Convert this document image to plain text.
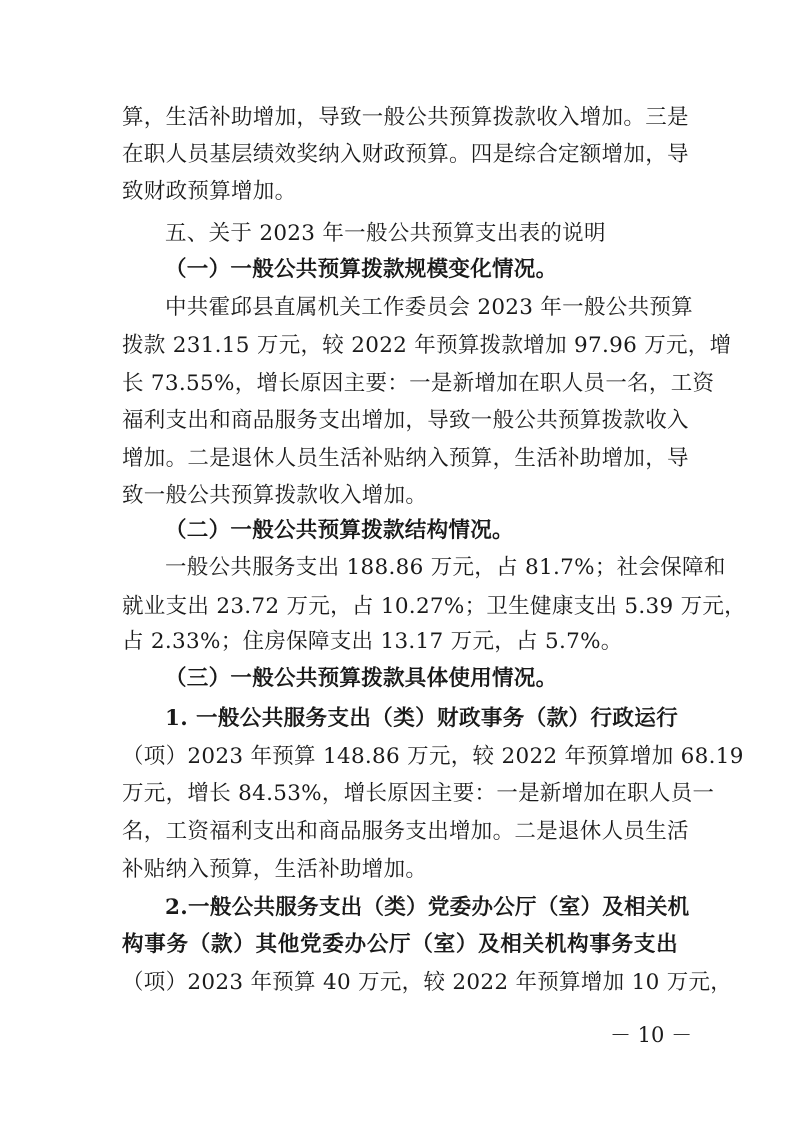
算，生活补助增加，导致一般公共预算拨款收入增加。三是
在职人员基层绩效奖纳入财政预算。四是综合定额增加，导
致财政预算增加。
五、关于 2023 年一般公共预算支出表的说明
（一）一般公共预算拨款规模变化情况。
中共霍邱县直属机关工作委员会 2023 年一般公共预算
拨款 231.15 万元，较 2022 年预算拨款增加 97.96 万元，增
长 73.55%，增长原因主要：一是新增加在职人员一名，工资
福利支出和商品服务支出增加，导致一般公共预算拨款收入
增加。二是退休人员生活补贴纳入预算，生活补助增加，导
致一般公共预算拨款收入增加。
（二）一般公共预算拨款结构情况。
一般公共服务支出 188.86 万元，占 81.7%；社会保障和
就业支出 23.72 万元，占 10.27%；卫生健康支出 5.39 万元，
占 2.33%；住房保障支出 13.17 万元，占 5.7%。
（三）一般公共预算拨款具体使用情况。
1. 一般公共服务支出（类）财政事务（款）行政运行
（项）2023 年预算 148.86 万元，较 2022 年预算增加 68.19
万元，增长 84.53%，增长原因主要：一是新增加在职人员一
名，工资福利支出和商品服务支出增加。二是退休人员生活
补贴纳入预算，生活补助增加。
2.一般公共服务支出（类）党委办公厅（室）及相关机
构事务（款）其他党委办公厅（室）及相关机构事务支出
（项）2023 年预算 40 万元，较 2022 年预算增加 10 万元，
－ 10 －
